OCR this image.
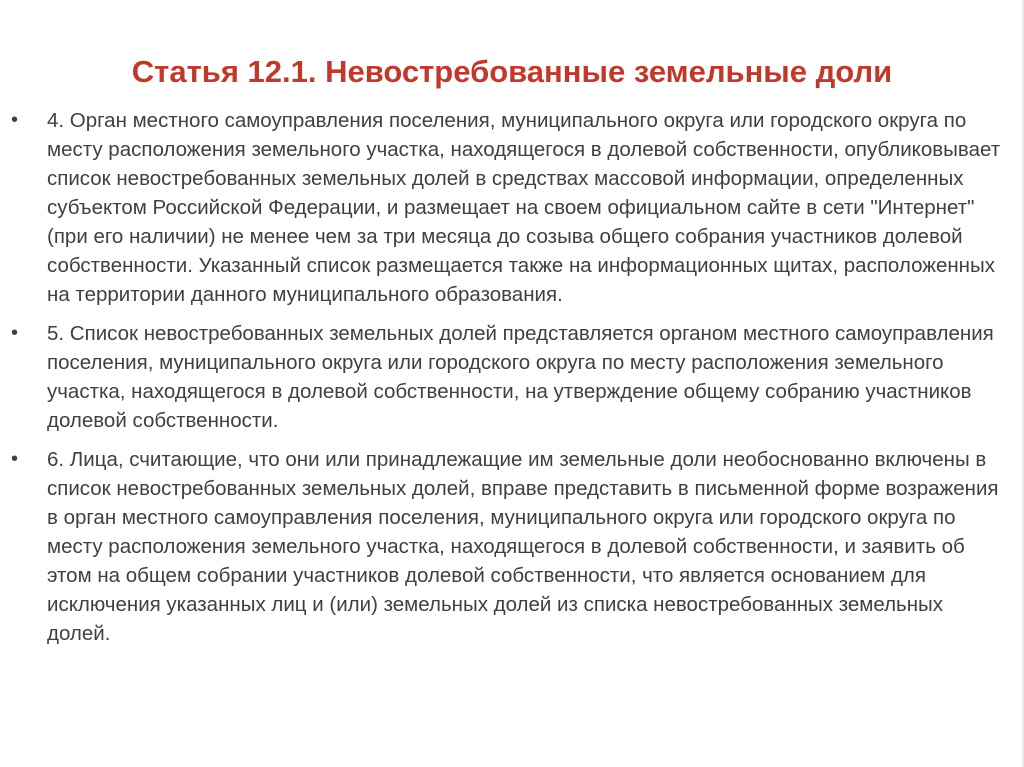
Статья 12.1. Невостребованные земельные доли
• 4. Орган местного самоуправления поселения, муниципального округа или городского округа по месту расположения земельного участка, находящегося в долевой собственности, опубликовывает список невостребованных земельных долей в средствах массовой информации, определенных субъектом Российской Федерации, и размещает на своем официальном сайте в сети "Интернет" (при его наличии) не менее чем за три месяца до созыва общего собрания участников долевой собственности. Указанный список размещается также на информационных щитах, расположенных на территории данного муниципального образования.
• 5. Список невостребованных земельных долей представляется органом местного самоуправления поселения, муниципального округа или городского округа по месту расположения земельного участка, находящегося в долевой собственности, на утверждение общему собранию участников долевой собственности.
• 6. Лица, считающие, что они или принадлежащие им земельные доли необоснованно включены в список невостребованных земельных долей, вправе представить в письменной форме возражения в орган местного самоуправления поселения, муниципального округа или городского округа по месту расположения земельного участка, находящегося в долевой собственности, и заявить об этом на общем собрании участников долевой собственности, что является основанием для исключения указанных лиц и (или) земельных долей из списка невостребованных земельных долей.
